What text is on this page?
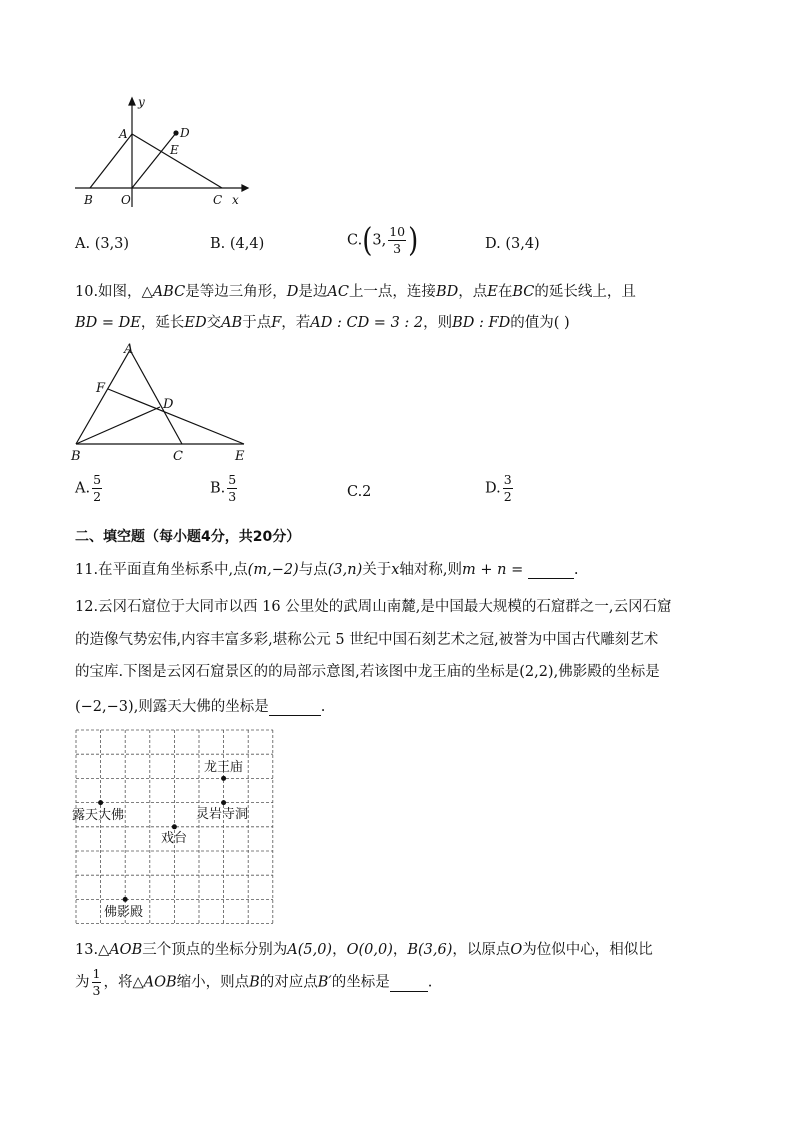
y
A	D
E
B O	C x
A. (3,3)	B. (4,4)	C.(3, $\frac{10}{3}$ )	D. (3,4)
10.如图，△ABC是等边三角形，D是边AC上一点，连接BD，点E在BC的延长线上，且
BD = DE，延长ED交AB于点F，若AD : CD = 3 : 2，则BD : FD的值为( )
A
F
D
B	C	E
A. $\frac{5}{2}$	B. $\frac{5}{3}$	C.2	D. $\frac{3}{2}$
二、填空题（每小题4分，共20分）
11.在平面直角坐标系中,点(m,−2)与点(3,n)关于x轴对称,则m + n =	.
12.云冈石窟位于大同市以西 16 公里处的武周山南麓,是中国最大规模的石窟群之一,云冈石窟
的造像气势宏伟,内容丰富多彩,堪称公元 5 世纪中国石刻艺术之冠,被誉为中国古代雕刻艺术
的宝库.下图是云冈石窟景区的的局部示意图,若该图中龙王庙的坐标是(2,2),佛影殿的坐标是
(−2,−3),则露天大佛的坐标是	.
龙王庙
露天大佛	灵岩寺洞
戏台
佛影殿
13.△AOB三个顶点的坐标分别为A(5,0)，O(0,0)，B(3,6)，以原点O为位似中心，相似比
为 $\frac{1}{3}$ ，将△AOB缩小，则点B的对应点B′的坐标是	.
